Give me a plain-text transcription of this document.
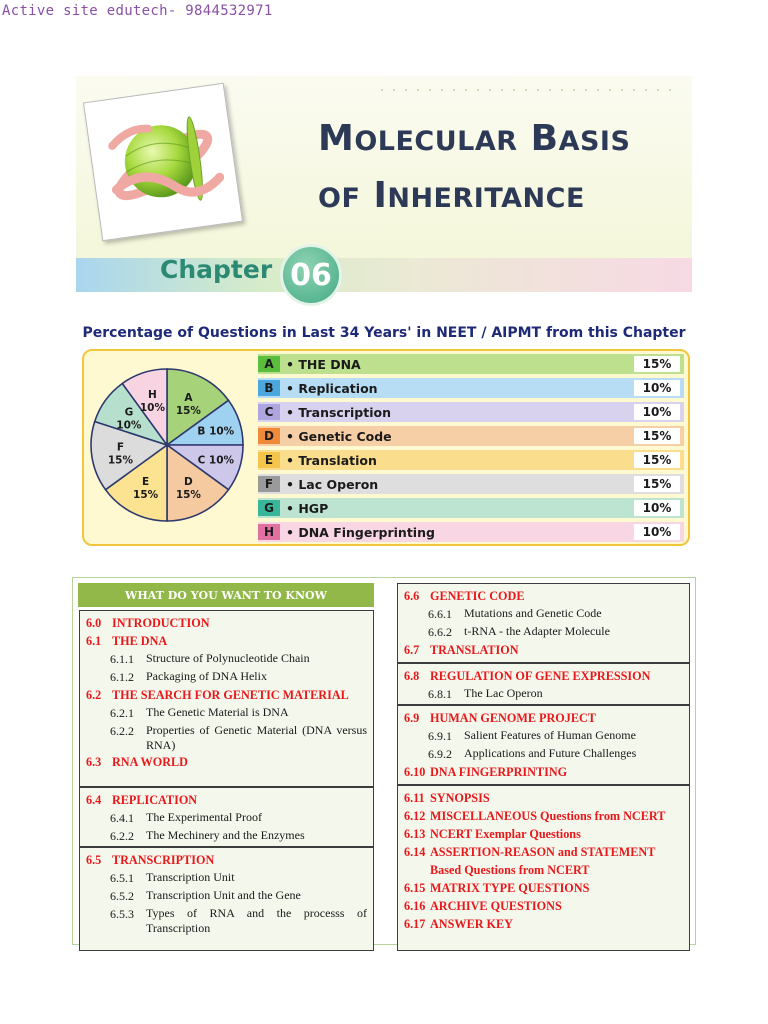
Active site edutech- 9844532971
MOLECULAR BASIS
OF INHERITANCE
Chapter 06
Percentage of Questions in Last 34 Years' in NEET / AIPMT from this Chapter
A 15%
B 10%
C 10%
D 15%
E 15%
F 15%
G 10%
H 10%
A • THE DNA	15%
B • Replication	10%
C	• Transcription	10%
D • Genetic Code	15%
E	• Translation	15%
F	• Lac Operon	15%
G • HGP	10%
H • DNA Fingerprinting	10%
WHAT DO YOU WANT TO KNOW
6.0 INTRODUCTION
6.1 THE DNA
6.1.1	Structure of Polynucleotide Chain
6.1.2	Packaging of DNA Helix
6.2 THE SEARCH FOR GENETIC MATERIAL
6.2.1	The Genetic Material is DNA
6.2.2	Properties of Genetic Material (DNA versus RNA)
6.3 RNA WORLD
6.4 REPLICATION
6.4.1	The Experimental Proof
6.2.2	The Mechinery and the Enzymes
6.5 TRANSCRIPTION
6.5.1	Transcription Unit
6.5.2	Transcription Unit and the Gene
6.5.3	Types of RNA and the processs of Transcription
6.6 GENETIC CODE
6.6.1	Mutations and Genetic Code
6.6.2	t-RNA - the Adapter Molecule
6.7 TRANSLATION
6.8 REGULATION OF GENE EXPRESSION
6.8.1	The Lac Operon
6.9 HUMAN GENOME PROJECT
6.9.1	Salient Features of Human Genome
6.9.2	Applications and Future Challenges
6.10 DNA FINGERPRINTING
6.11 SYNOPSIS
6.12 MISCELLANEOUS Questions from NCERT
6.13 NCERT Exemplar Questions
6.14 ASSERTION-REASON and STATEMENT Based Questions from NCERT
6.15 MATRIX TYPE QUESTIONS
6.16 ARCHIVE QUESTIONS
6.17 ANSWER KEY
